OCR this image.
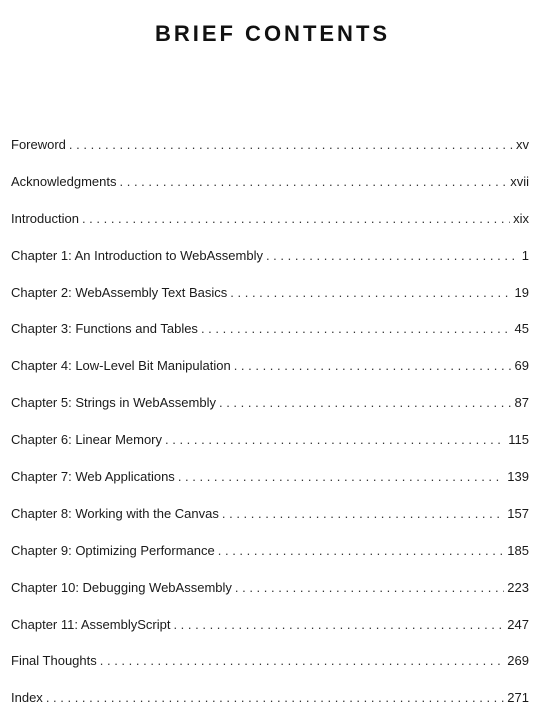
BRIEF CONTENTS
Foreword . . .	xv
Acknowledgments . . .	xvii
Introduction . . .	xix
Chapter 1: An Introduction to WebAssembly . . .	1
Chapter 2: WebAssembly Text Basics . . .	19
Chapter 3: Functions and Tables . . .	45
Chapter 4: Low-Level Bit Manipulation . . .	69
Chapter 5: Strings in WebAssembly . . .	87
Chapter 6: Linear Memory . . .	115
Chapter 7: Web Applications . . .	139
Chapter 8: Working with the Canvas . . .	157
Chapter 9: Optimizing Performance . . .	185
Chapter 10: Debugging WebAssembly . . .	223
Chapter 11: AssemblyScript . . .	247
Final Thoughts . . .	269
Index . . .	271
